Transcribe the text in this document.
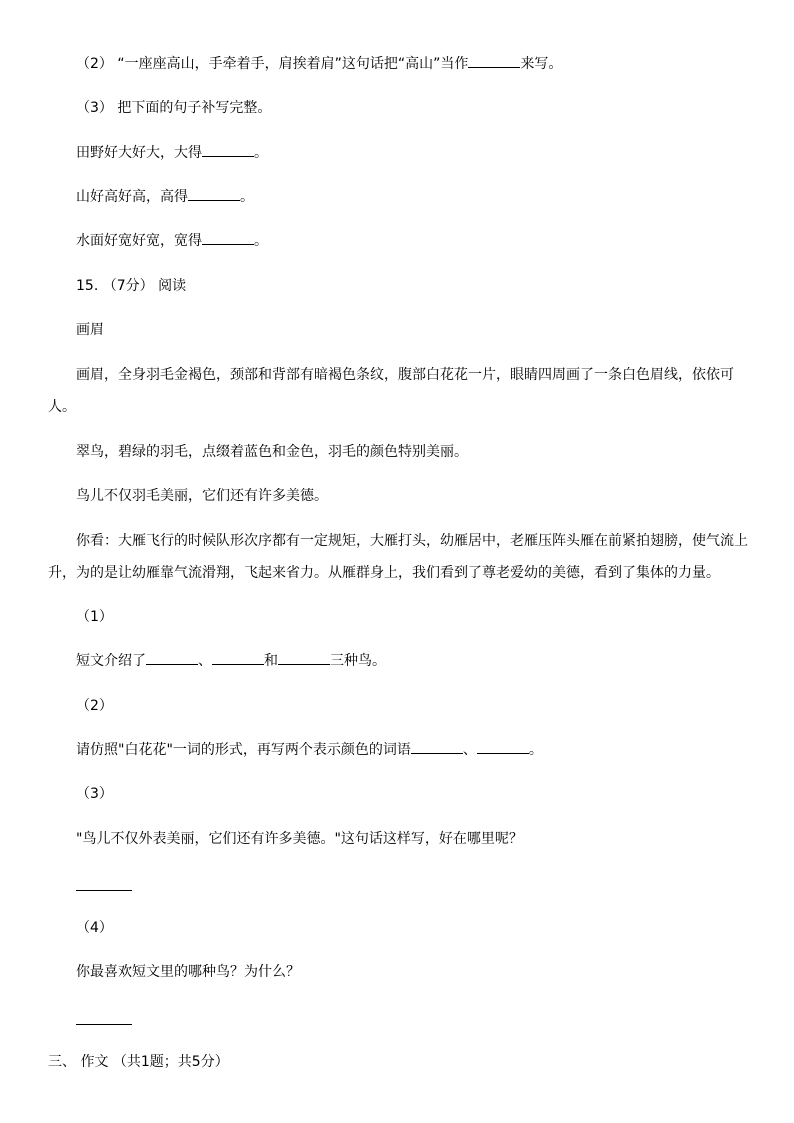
（2） “一座座高山，手牵着手，肩挨着肩”这句话把“高山”当作	来写。

（3） 把下面的句子补写完整。

田野好大好大，大得	。

山好高好高，高得	。

水面好宽好宽，宽得	。

15. （7分） 阅读

画眉

画眉，全身羽毛金褐色，颈部和背部有暗褐色条纹，腹部白花花一片，眼睛四周画了一条白色眉线，依依可人。

翠鸟，碧绿的羽毛，点缀着蓝色和金色，羽毛的颜色特别美丽。

鸟儿不仅羽毛美丽，它们还有许多美德。

你看：大雁飞行的时候队形次序都有一定规矩，大雁打头，幼雁居中，老雁压阵头雁在前紧拍翅膀，使气流上升，为的是让幼雁靠气流滑翔，飞起来省力。从雁群身上，我们看到了尊老爱幼的美德，看到了集体的力量。

（1）

短文介绍了	、	和	三种鸟。

（2）

请仿照"白花花"一词的形式，再写两个表示颜色的词语	、	。

（3）

"鸟儿不仅外表美丽，它们还有许多美德。"这句话这样写，好在哪里呢？

（4）

你最喜欢短文里的哪种鸟？为什么？

三、 作文 （共1题；共5分）
